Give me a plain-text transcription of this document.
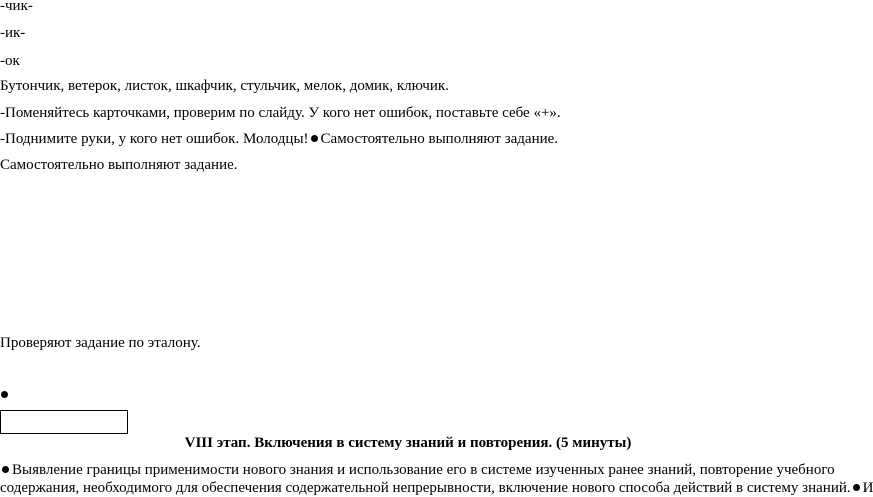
-чик-
-ик-
-ок
Бутончик, ветерок, листок, шкафчик, стульчик, мелок, домик, ключик.
-Поменяйтесь карточками, проверим по слайду. У кого нет ошибок, поставьте себе «+».
-Поднимите руки, у кого нет ошибок. Молодцы! Самостоятельно выполняют задание.
Самостоятельно выполняют задание.
Проверяют задание по эталону.
VIII этап. Включения в систему знаний и повторения. (5 минуты)
Выявление границы применимости нового знания и использование его в системе изученных ранее знаний, повторение учебного
содержания, необходимого для обеспечения содержательной непрерывности, включение нового способа действий в систему знаний. И
